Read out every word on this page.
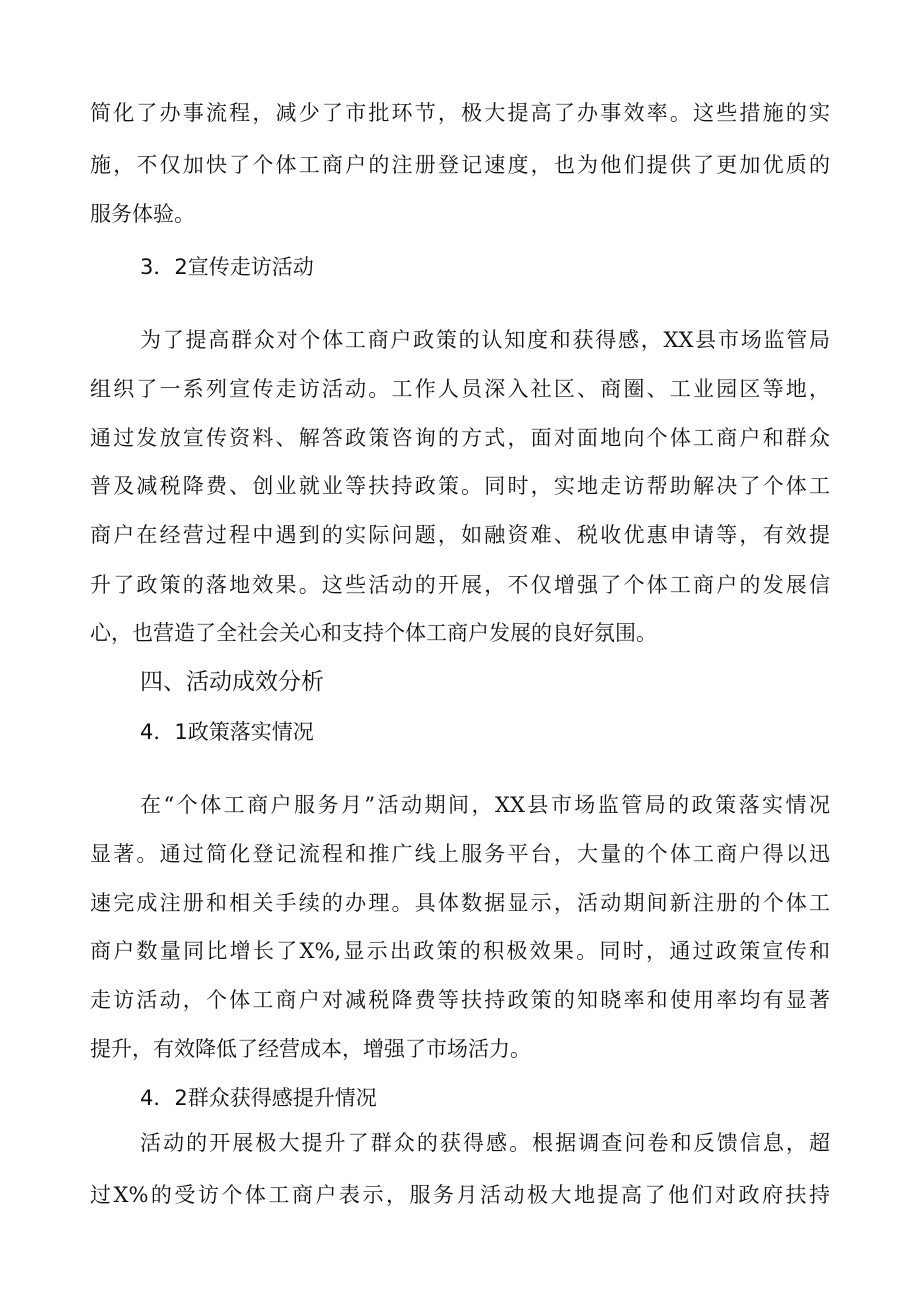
简化了办事流程，减少了市批环节，极大提高了办事效率。这些措施的实
施，不仅加快了个体工商户的注册登记速度，也为他们提供了更加优质的
服务体验。
3．2宣传走访活动
为了提高群众对个体工商户政策的认知度和获得感，XX县市场监管局
组织了一系列宣传走访活动。工作人员深入社区、商圈、工业园区等地，
通过发放宣传资料、解答政策咨询的方式，面对面地向个体工商户和群众
普及减税降费、创业就业等扶持政策。同时，实地走访帮助解决了个体工
商户在经营过程中遇到的实际问题，如融资难、税收优惠申请等，有效提
升了政策的落地效果。这些活动的开展，不仅增强了个体工商户的发展信
心，也营造了全社会关心和支持个体工商户发展的良好氛围。
四、活动成效分析
4．1政策落实情况
在“个体工商户服务月”活动期间，XX县市场监管局的政策落实情况
显著。通过简化登记流程和推广线上服务平台，大量的个体工商户得以迅
速完成注册和相关手续的办理。具体数据显示，活动期间新注册的个体工
商户数量同比增长了X%,显示出政策的积极效果。同时，通过政策宣传和
走访活动，个体工商户对减税降费等扶持政策的知晓率和使用率均有显著
提升，有效降低了经营成本，增强了市场活力。
4．2群众获得感提升情况
活动的开展极大提升了群众的获得感。根据调查问卷和反馈信息，超
过X%的受访个体工商户表示，服务月活动极大地提高了他们对政府扶持
